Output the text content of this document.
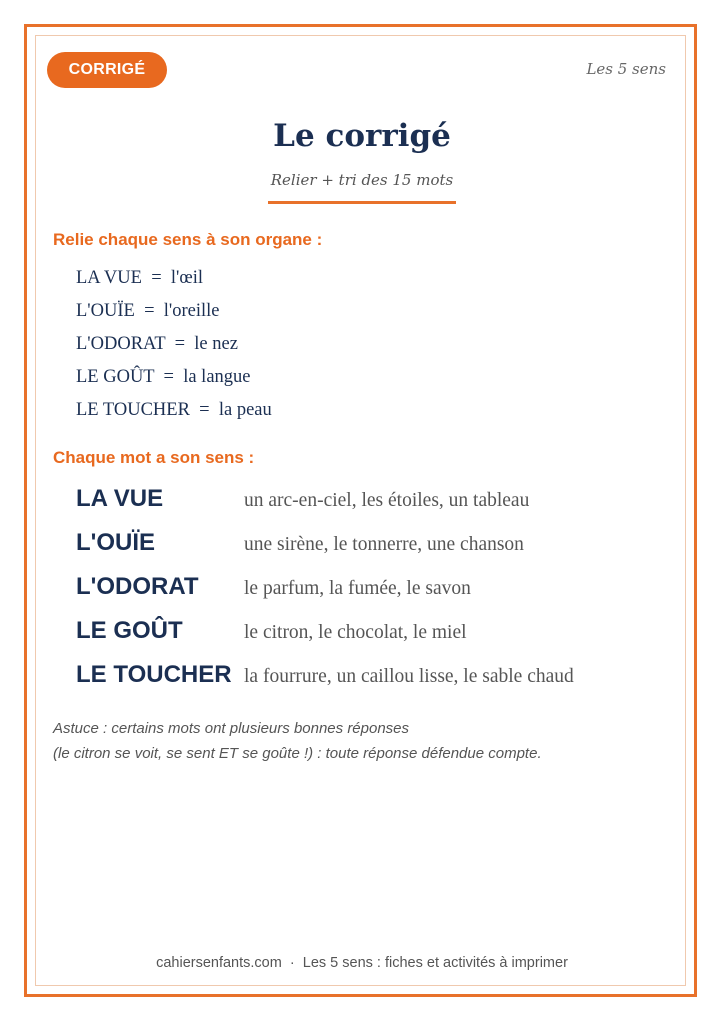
CORRIGÉ	Les 5 sens
Le corrigé
Relier + tri des 15 mots
Relie chaque sens à son organe :
LA VUE  =  l'œil
L'OUÏE  =  l'oreille
L'ODORAT  =  le nez
LE GOÛT  =  la langue
LE TOUCHER  =  la peau
Chaque mot a son sens :
LA VUE	un arc-en-ciel, les étoiles, un tableau
L'OUÏE	une sirène, le tonnerre, une chanson
L'ODORAT le parfum, la fumée, le savon
LE GOÛT	le citron, le chocolat, le miel
LE TOUCHER la fourrure, un caillou lisse, le sable chaud
Astuce : certains mots ont plusieurs bonnes réponses
(le citron se voit, se sent ET se goûte !) : toute réponse défendue compte.
cahiersenfants.com  ·  Les 5 sens : fiches et activités à imprimer
